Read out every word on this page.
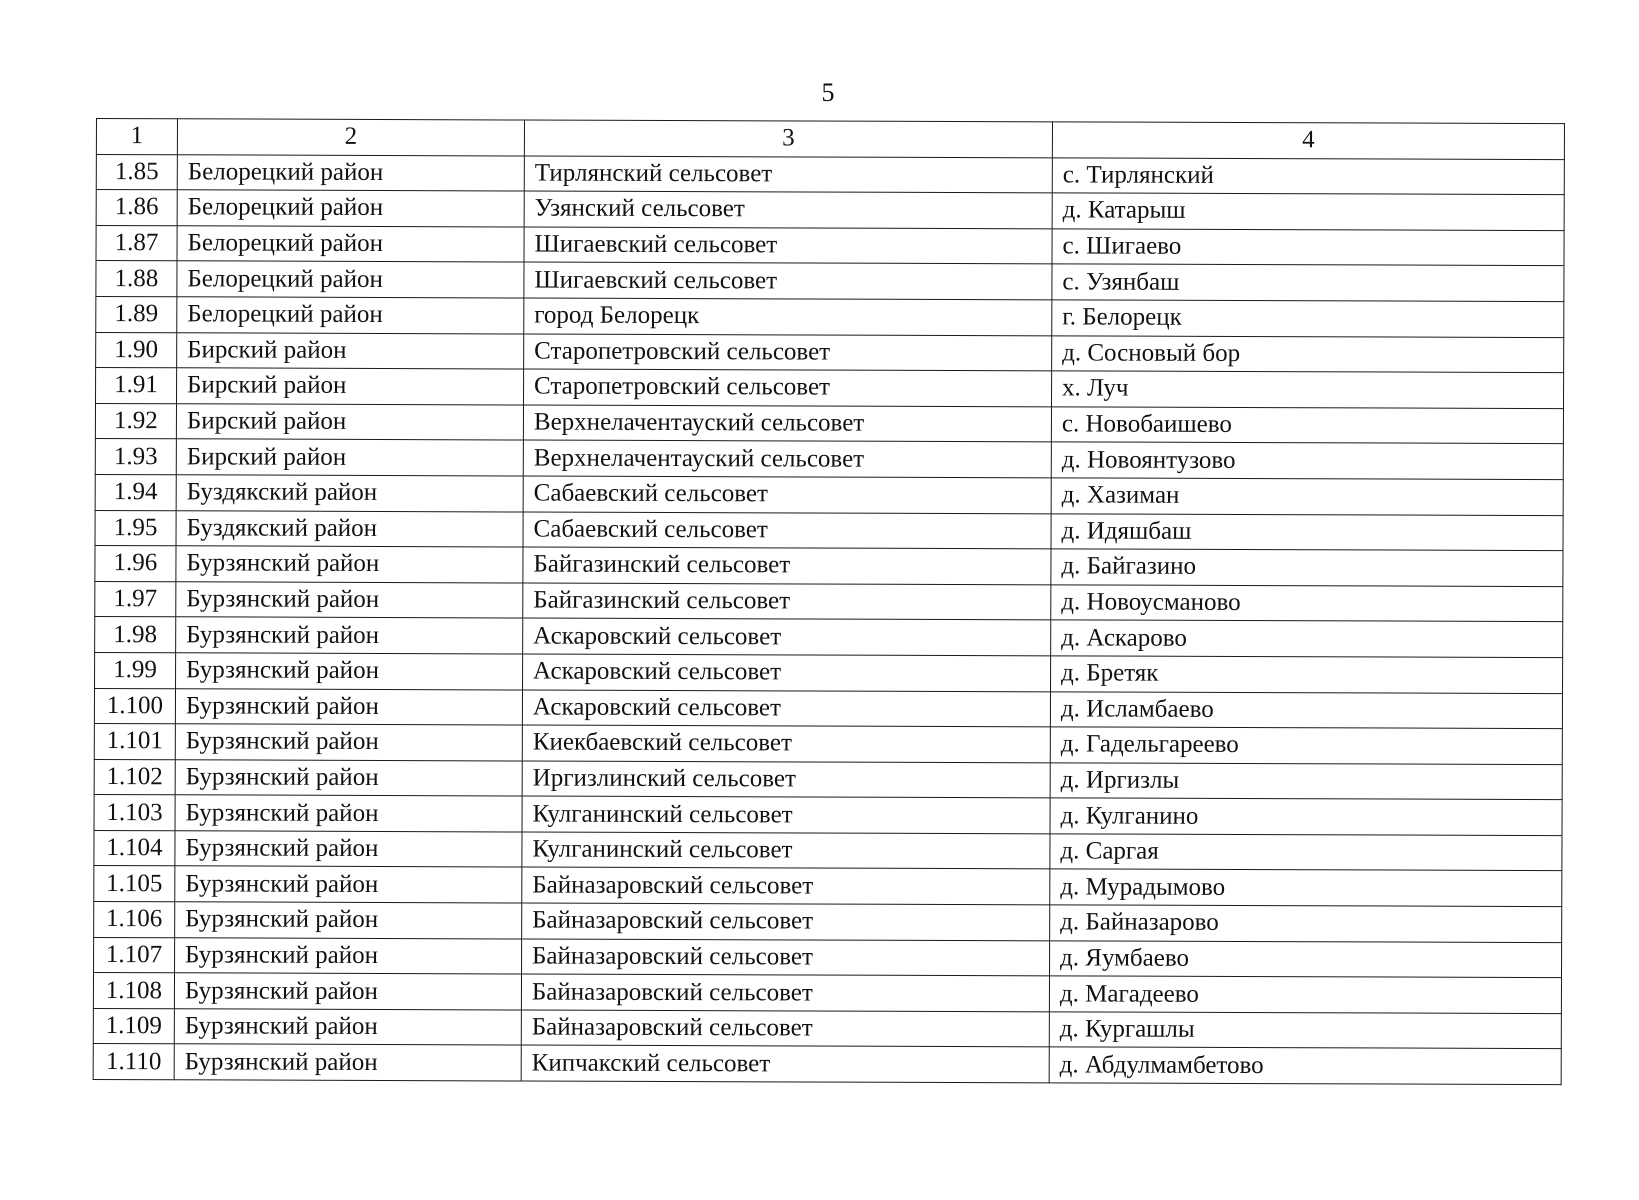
5
1	2	3	4
1.85	Белорецкий район	Тирлянский сельсовет	с. Тирлянский
1.86	Белорецкий район	Узянский сельсовет	д. Катарыш
1.87	Белорецкий район	Шигаевский сельсовет	с. Шигаево
1.88	Белорецкий район	Шигаевский сельсовет	с. Узянбаш
1.89	Белорецкий район	город Белорецк	г. Белорецк
1.90	Бирский район	Старопетровский сельсовет	д. Сосновый бор
1.91	Бирский район	Старопетровский сельсовет	х. Луч
1.92	Бирский район	Верхнелачентауский сельсовет	с. Новобаишево
1.93	Бирский район	Верхнелачентауский сельсовет	д. Новоянтузово
1.94	Буздякский район	Сабаевский сельсовет	д. Хазиман
1.95	Буздякский район	Сабаевский сельсовет	д. Идяшбаш
1.96	Бурзянский район	Байгазинский сельсовет	д. Байгазино
1.97	Бурзянский район	Байгазинский сельсовет	д. Новоусманово
1.98	Бурзянский район	Аскаровский сельсовет	д. Аскарово
1.99	Бурзянский район	Аскаровский сельсовет	д. Бретяк
1.100	Бурзянский район	Аскаровский сельсовет	д. Исламбаево
1.101	Бурзянский район	Киекбаевский сельсовет	д. Гадельгареево
1.102	Бурзянский район	Иргизлинский сельсовет	д. Иргизлы
1.103	Бурзянский район	Кулганинский сельсовет	д. Кулганино
1.104	Бурзянский район	Кулганинский сельсовет	д. Саргая
1.105	Бурзянский район	Байназаровский сельсовет	д. Мурадымово
1.106	Бурзянский район	Байназаровский сельсовет	д. Байназарово
1.107	Бурзянский район	Байназаровский сельсовет	д. Яумбаево
1.108	Бурзянский район	Байназаровский сельсовет	д. Магадеево
1.109	Бурзянский район	Байназаровский сельсовет	д. Кургашлы
1.110	Бурзянский район	Кипчакский сельсовет	д. Абдулмамбетово
